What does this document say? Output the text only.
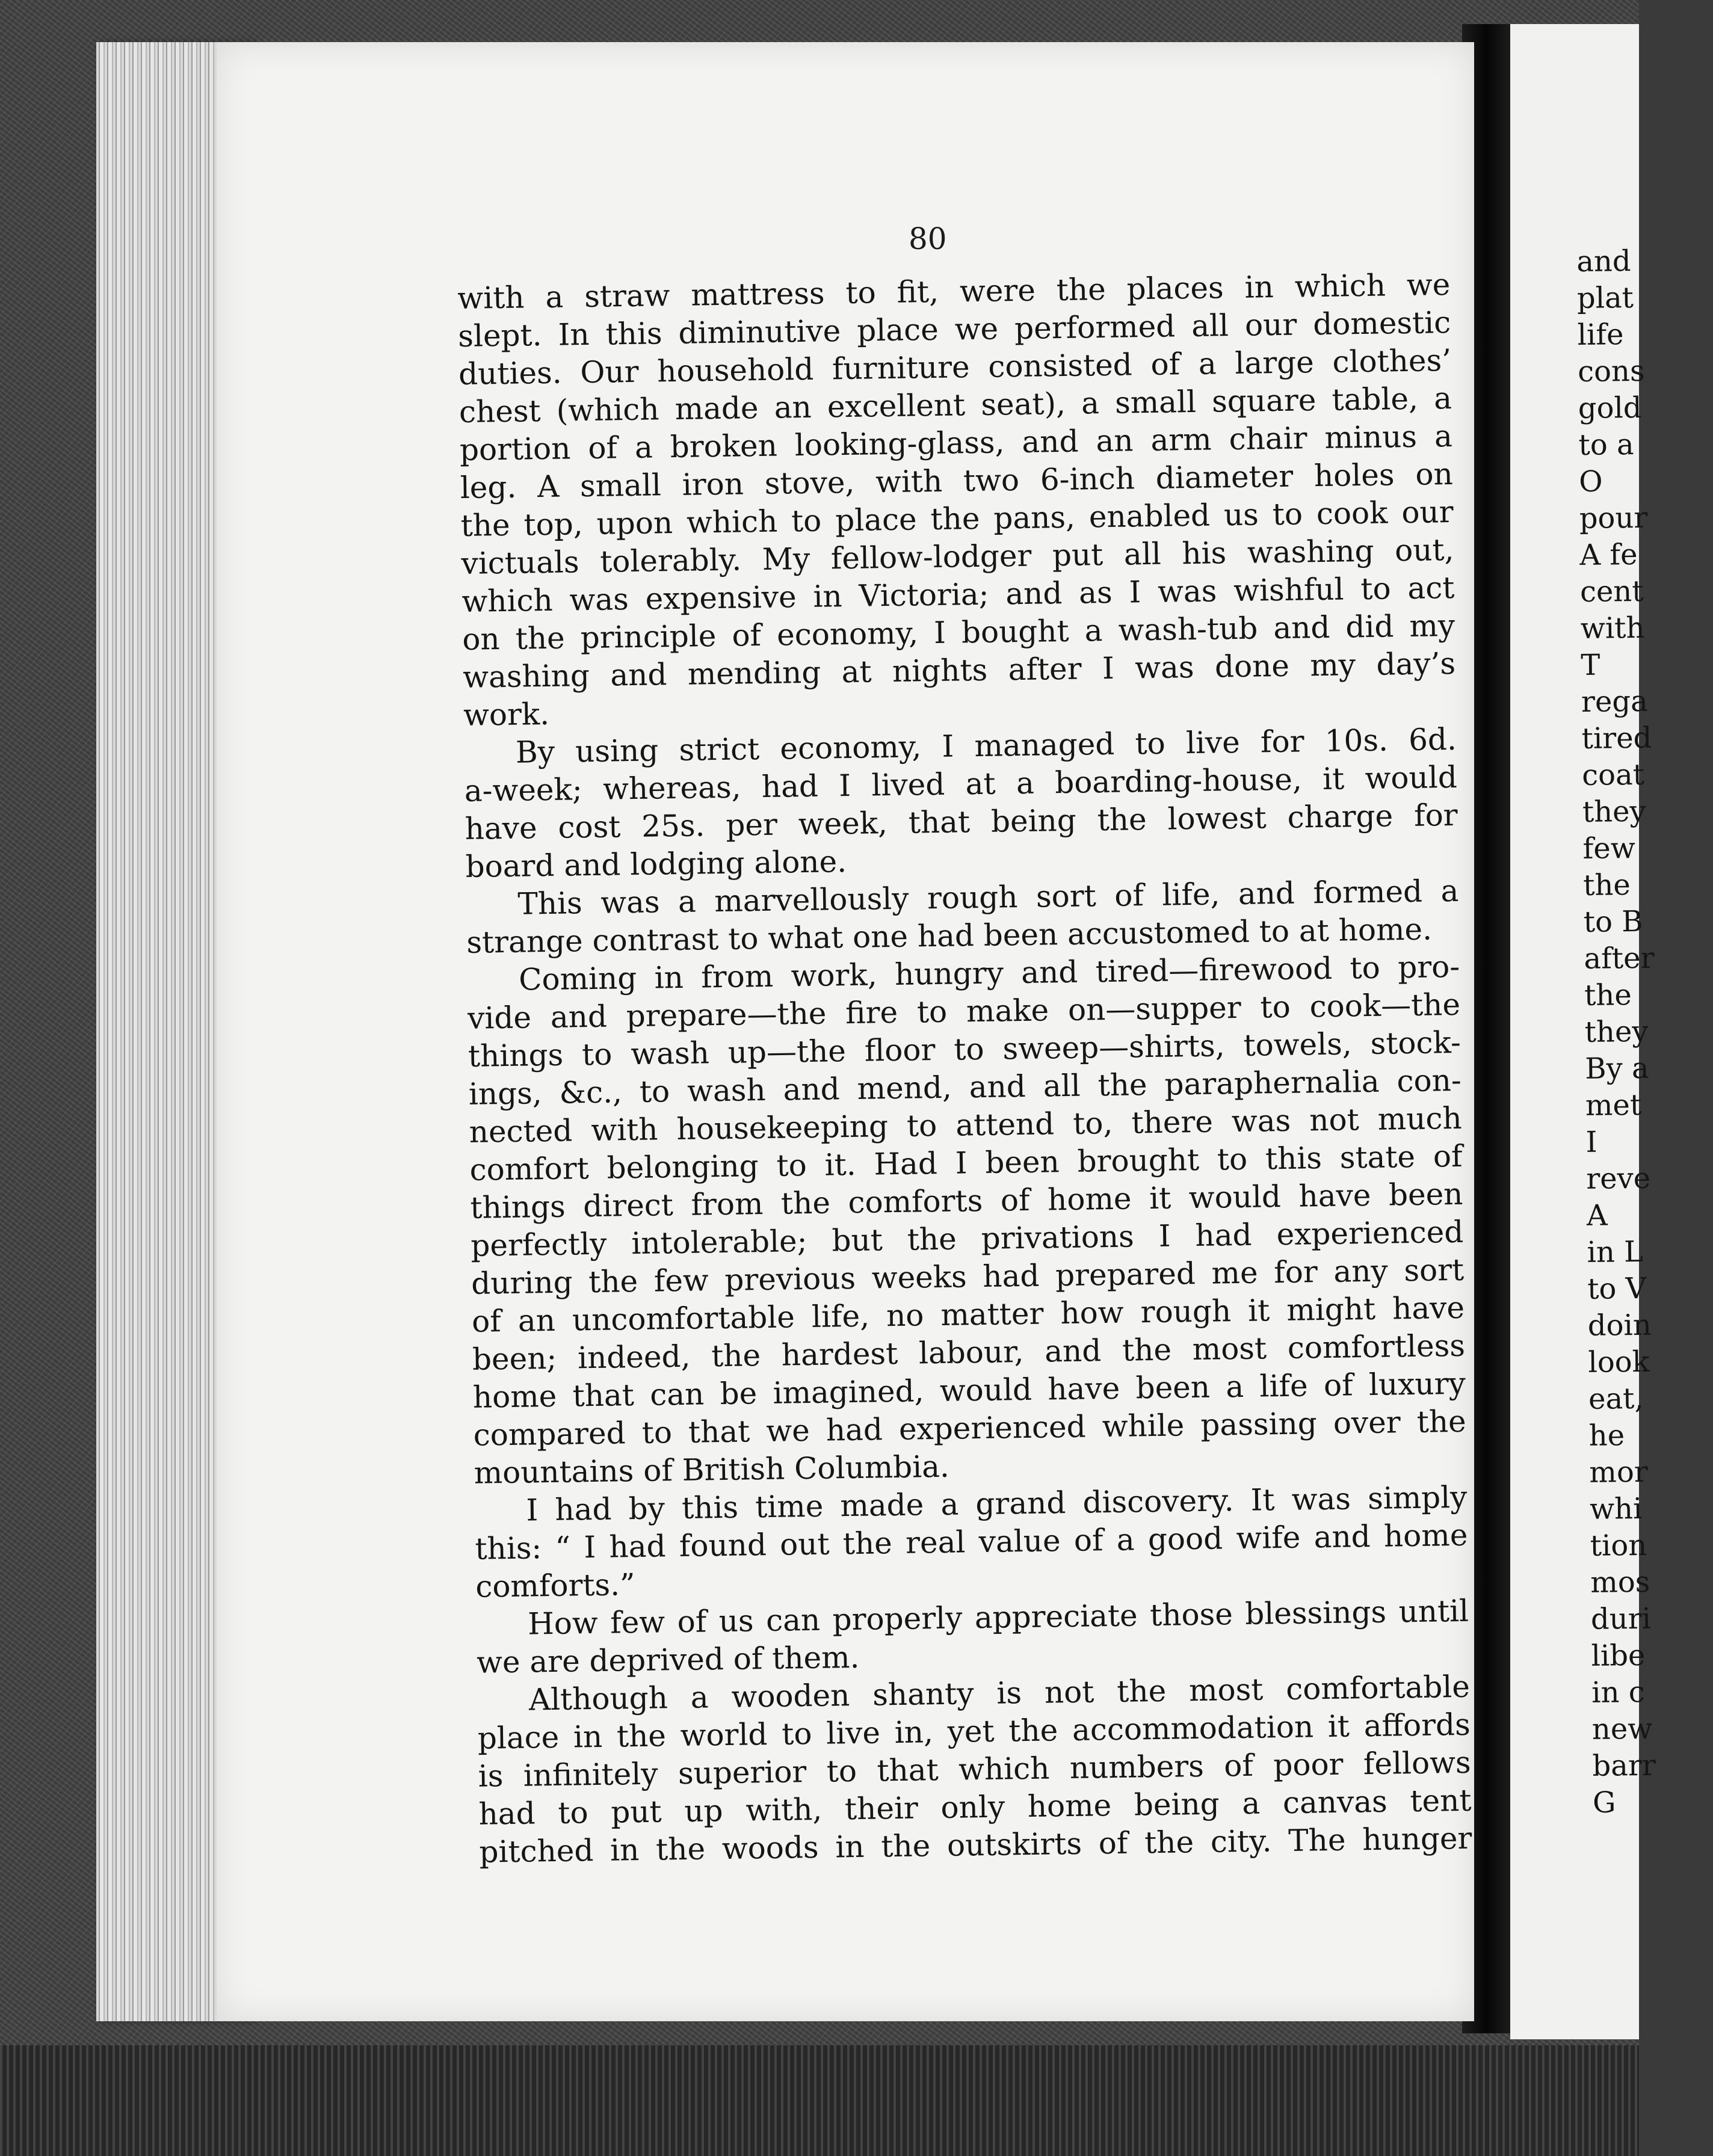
80
with a straw mattress to fit, were the places in which we
slept. In this diminutive place we performed all our domestic
duties. Our household furniture consisted of a large clothes’
chest (which made an excellent seat), a small square table, a
portion of a broken looking-glass, and an arm chair minus a
leg. A small iron stove, with two 6-inch diameter holes on
the top, upon which to place the pans, enabled us to cook our
victuals tolerably. My fellow-lodger put all his washing out,
which was expensive in Victoria; and as I was wishful to act
on the principle of economy, I bought a wash-tub and did my
washing and mending at nights after I was done my day’s
work.
By using strict economy, I managed to live for 10s. 6d.
a-week; whereas, had I lived at a boarding-house, it would
have cost 25s. per week, that being the lowest charge for
board and lodging alone.
This was a marvellously rough sort of life, and formed a
strange contrast to what one had been accustomed to at home.
Coming in from work, hungry and tired—firewood to pro-
vide and prepare—the fire to make on—supper to cook—the
things to wash up—the floor to sweep—shirts, towels, stock-
ings, &c., to wash and mend, and all the paraphernalia con-
nected with housekeeping to attend to, there was not much
comfort belonging to it. Had I been brought to this state of
things direct from the comforts of home it would have been
perfectly intolerable; but the privations I had experienced
during the few previous weeks had prepared me for any sort
of an uncomfortable life, no matter how rough it might have
been; indeed, the hardest labour, and the most comfortless
home that can be imagined, would have been a life of luxury
compared to that we had experienced while passing over the
mountains of British Columbia.
I had by this time made a grand discovery. It was simply
this: “ I had found out the real value of a good wife and home
comforts.”
How few of us can properly appreciate those blessings until
we are deprived of them.
Although a wooden shanty is not the most comfortable
place in the world to live in, yet the accommodation it affords
is infinitely superior to that which numbers of poor fellows
had to put up with, their only home being a canvas tent
pitched in the woods in the outskirts of the city. The hunger
and
plat
life
cons
gold
to a
O
pour
A fe
cent
with
T
rega
tired
coat
they
few
the
to B
after
the
they
By a
met
I
reve
A
in L
to V
doin
look
eat,
he
mor
whi
tion
mos
duri
libe
in c
new
barr
G
